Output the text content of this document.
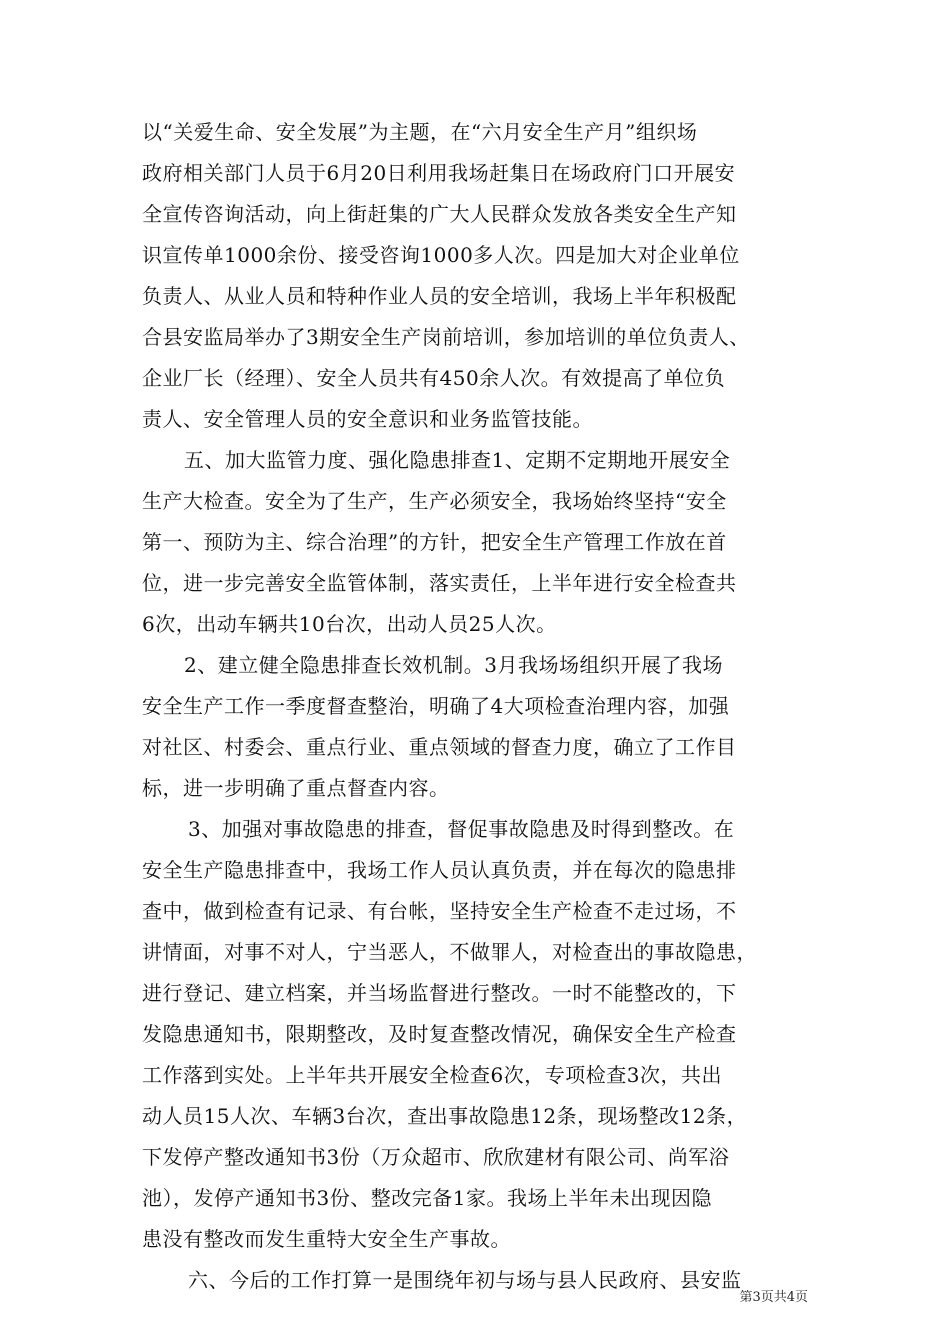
以“关爱生命、安全发展”为主题，在“六月安全生产月”组织场
政府相关部门人员于6月20日利用我场赶集日在场政府门口开展安
全宣传咨询活动，向上街赶集的广大人民群众发放各类安全生产知
识宣传单1000余份、接受咨询1000多人次。四是加大对企业单位
负责人、从业人员和特种作业人员的安全培训，我场上半年积极配
合县安监局举办了3期安全生产岗前培训，参加培训的单位负责人、
企业厂长（经理）、安全人员共有450余人次。有效提高了单位负
责人、安全管理人员的安全意识和业务监管技能。
五、加大监管力度、强化隐患排查1、定期不定期地开展安全
生产大检查。安全为了生产，生产必须安全，我场始终坚持“安全
第一、预防为主、综合治理”的方针，把安全生产管理工作放在首
位，进一步完善安全监管体制，落实责任，上半年进行安全检查共
6次，出动车辆共10台次，出动人员25人次。
2、建立健全隐患排查长效机制。3月我场场组织开展了我场
安全生产工作一季度督查整治，明确了4大项检查治理内容，加强
对社区、村委会、重点行业、重点领域的督查力度，确立了工作目
标，进一步明确了重点督查内容。
3、加强对事故隐患的排查，督促事故隐患及时得到整改。在
安全生产隐患排查中，我场工作人员认真负责，并在每次的隐患排
查中，做到检查有记录、有台帐，坚持安全生产检查不走过场，不
讲情面，对事不对人，宁当恶人，不做罪人，对检查出的事故隐患，
进行登记、建立档案，并当场监督进行整改。一时不能整改的，下
发隐患通知书，限期整改，及时复查整改情况，确保安全生产检查
工作落到实处。上半年共开展安全检查6次，专项检查3次，共出
动人员15人次、车辆3台次，查出事故隐患12条，现场整改12条，
下发停产整改通知书3份（万众超市、欣欣建材有限公司、尚军浴
池），发停产通知书3份、整改完备1家。我场上半年未出现因隐
患没有整改而发生重特大安全生产事故。
六、今后的工作打算一是围绕年初与场与县人民政府、县安监
第3页共4页
